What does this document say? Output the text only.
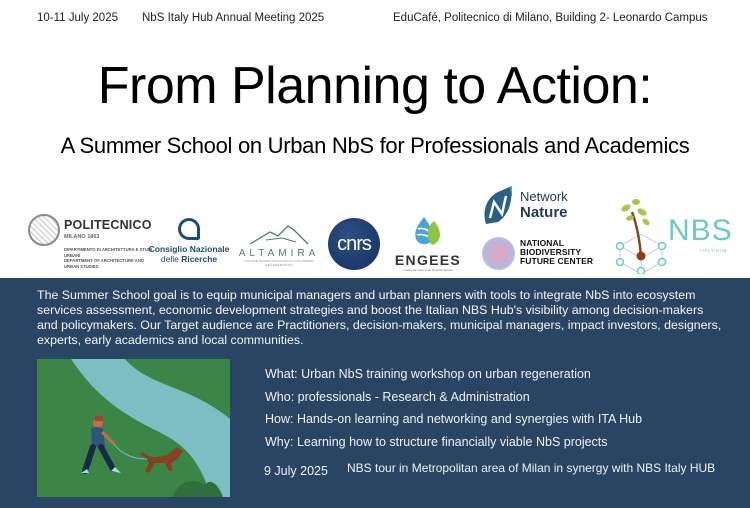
10-11 July 2025 NbS Italy Hub Annual Meeting 2025	EduCafé, Politecnico di Milano, Building 2- Leonardo Campus
From Planning to Action:
A Summer School on Urban NbS for Professionals and Academics
POLITECNICO
MILANO 1863
DIPARTIMENTO DI ARCHITETTURA E STUDI URBANI
DEPARTMENT OF ARCHITECTURE AND URBAN STUDIES
Consiglio Nazionale
delle Ricerche	ALTAMIRA
NATURE-BASED SOLUTIONS FOR URBAN REGENERATION
cnrs
ENGEES
L'école de l'eau et de l'environnement
Network
Nature
NATIONAL
BIODIVERSITY
FUTURE CENTER
NBS
ITALY HUB

The Summer School goal is to equip municipal managers and urban planners with tools to integrate NbS into ecosystem services assessment, economic development strategies and boost the Italian NBS Hub's visibility among decision-makers and policymakers. Our Target audience are Practitioners, decision-makers, municipal managers, impact investors, designers, experts, early academics and local communities.

What: Urban NbS training workshop on urban regeneration
Who: professionals - Research & Administration
How: Hands-on learning and networking and synergies with ITA Hub
Why: Learning how to structure financially viable NbS projects
9 July 2025 NBS tour in Metropolitan area of Milan in synergy with NBS Italy HUB
